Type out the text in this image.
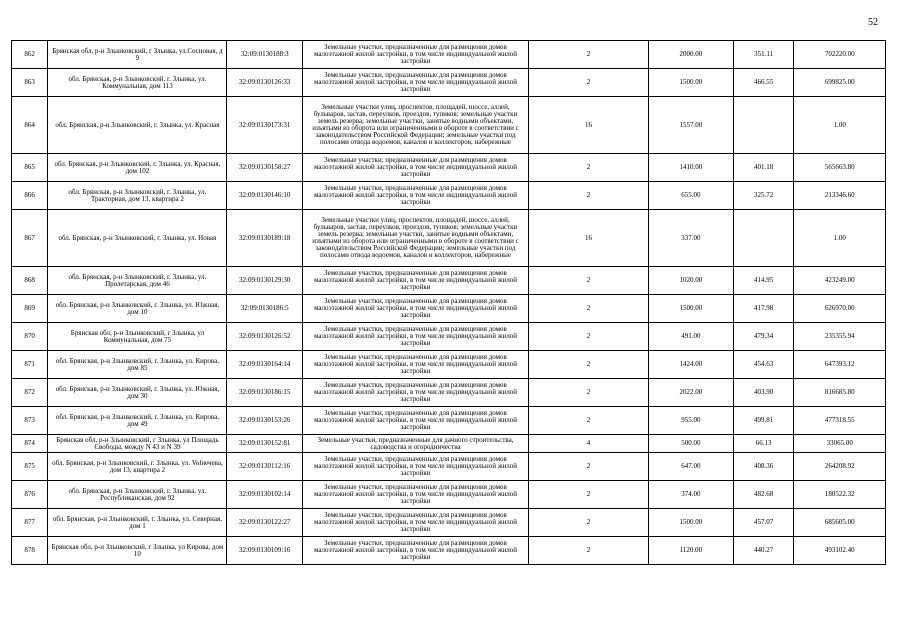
52
862	Брянская обл, р-н Злынковский, г Злынка, ул.Сосновая, д 9	32:09:0130188:3	Земельные участки, предназначенные для размещения домов малоэтажной жилой застройки, в том числе индивидуальной жилой застройки	2	2000.00	351.11	702220.00
863	обл. Брянская, р-н Злынковский, г. Злынка, ул. Коммунальная, дом 113	32:09:0130126:33	Земельные участки, предназначенные для размещения домов малоэтажной жилой застройки, в том числе индивидуальной жилой застройки	2	1500.00	466.55	699825.00
864	обл. Брянская, р-н Злынковский, г. Злынка, ул. Красная	32:09:0130173:31	Земельные участки улиц, проспектов, площадей, шоссе, аллей, бульваров, застав, переулков, проездов, тупиков; земельные участки земель резерва; земельные участки, занятые водными объектами, изъятыми из оборота или ограниченными в обороте в соответствии с законодательством Российской Федерации; земельные участки под полосами отвода водоемов, каналов и коллекторов, набережные	16	1557.00		1.00
865	обл. Брянская, р-н Злынковский, г. Злынка, ул. Красная, дом 102	32:09:0130158:27	Земельные участки, предназначенные для размещения домов малоэтажной жилой застройки, в том числе индивидуальной жилой застройки	2	1410.00	401.18	565663.80
866	обл. Брянская, р-н Злынковский, г. Злынка, ул. Тракторная, дом 13, квартира 2	32:09:0130146:10	Земельные участки, предназначенные для размещения домов малоэтажной жилой застройки, в том числе индивидуальной жилой застройки	2	655.00	325.72	213346.60
867	обл. Брянская, р-н Злынковский, г. Злынка, ул. Новая	32:09:0130189:18	Земельные участки улиц, проспектов, площадей, шоссе, аллей, бульваров, застав, переулков, проездов, тупиков; земельные участки земель резерва; земельные участки, занятые водными объектами, изъятыми из оборота или ограниченными в обороте в соответствии с законодательством Российской Федерации; земельные участки под полосами отвода водоемов, каналов и коллекторов, набережные	16	337.00		1.00
868	обл. Брянская, р-н Злынковский, г. Злынка, ул. Пролетарская, дом 46	32:09:0130129:30	Земельные участки, предназначенные для размещения домов малоэтажной жилой застройки, в том числе индивидуальной жилой застройки	2	1020.00	414.95	423249.00
869	обл. Брянская, р-н Злынковский, г. Злынка, ул. Южная, дом 10	32:09:0130186:5	Земельные участки, предназначенные для размещения домов малоэтажной жилой застройки, в том числе индивидуальной жилой застройки	2	1500.00	417.98	626970.00
870	Брянская обл, р-н Злынковский, г Злынка, ул Коммунальная, дом 75	32:09:0130126:52	Земельные участки, предназначенные для размещения домов малоэтажной жилой застройки, в том числе индивидуальной жилой застройки	2	491.00	479.34	235355.94
871	обл. Брянская, р-н Злынковский, г. Злынка, ул. Кирова, дом 85	32:09:0130164:14	Земельные участки, предназначенные для размещения домов малоэтажной жилой застройки, в том числе индивидуальной жилой застройки	2	1424.00	454.63	647393.12
872	обл. Брянская, р-н Злынковский, г. Злынка, ул. Южная, дом 30	32:09:0130186:15	Земельные участки, предназначенные для размещения домов малоэтажной жилой застройки, в том числе индивидуальной жилой застройки	2	2022.00	403.90	816685.80
873	обл. Брянская, р-н Злынковский, г. Злынка, ул. Кирова, дом 49	32:09:0130153:26	Земельные участки, предназначенные для размещения домов малоэтажной жилой застройки, в том числе индивидуальной жилой застройки	2	955.00	499.81	477318.55
874	Брянская обл, р-н Злынковский, г Злынка, ул Площадь Свободы, между N 43 и N 39	32:09:0130152:81	Земельные участки, предназначенные для дачного строительства, садоводства и огородничества	4	500.00	66.13	33065.00
875	обл. Брянская, р-н Злынковский, г. Злынка, ул. Volнечева, дом 13, квартира 2	32:09:0130112:16	Земельные участки, предназначенные для размещения домов малоэтажной жилой застройки, в том числе индивидуальной жилой застройки	2	647.00	408.36	264208.92
876	обл. Брянская, р-н Злынковский, г. Злынка, ул. Республиканская, дом 92	32:09:0130102:14	Земельные участки, предназначенные для размещения домов малоэтажной жилой застройки, в том числе индивидуальной жилой застройки	2	374.00	482.68	180522.32
877	обл. Брянская, р-н Злынковский, г. Злынка, ул. Северная, дом 1	32:09:0130122:27	Земельные участки, предназначенные для размещения домов малоэтажной жилой застройки, в том числе индивидуальной жилой застройки	2	1500.00	457.07	685605.00
878	Брянская обл, р-н Злынковский, г Злынка, ул Кирова, дом 10	32:09:0130109:16	Земельные участки, предназначенные для размещения домов малоэтажной жилой застройки, в том числе индивидуальной жилой застройки	2	1120.00	440.27	493102.40
